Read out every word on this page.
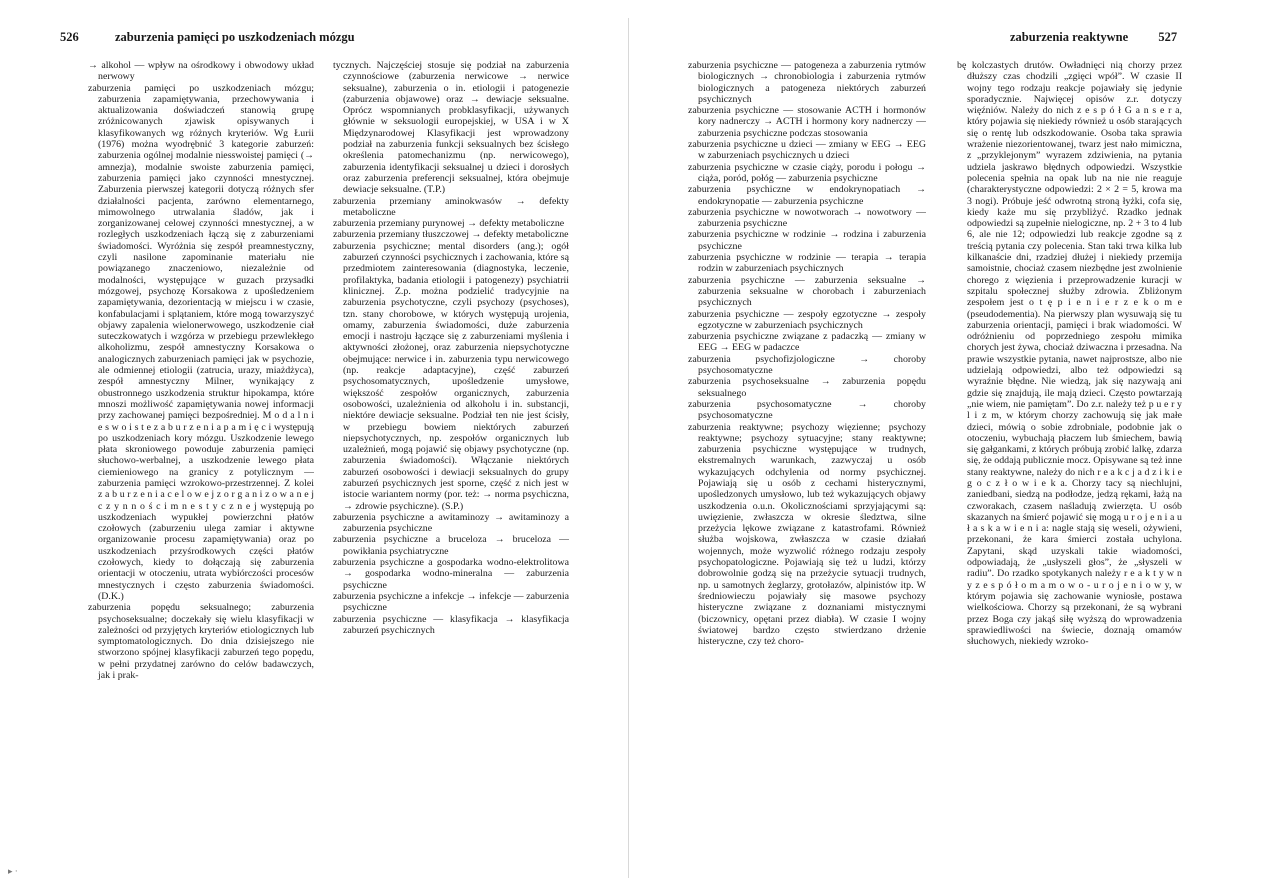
526	zaburzenia pamięci po uszkodzeniach mózgu	zaburzenia reaktywne 527

→ alkohol — wpływ na ośrodkowy i obwodowy układ nerwowy

zaburzenia pamięci po uszkodzeniach mózgu; zaburzenia zapamiętywania, przechowywania i aktualizowania doświadczeń stanowią grupę zróżnicowanych zjawisk opisywanych i klasyfikowanych wg różnych kryteriów. Wg Łurii (1976) można wyodrębnić 3 kategorie zaburzeń: zaburzenia ogólnej modalnie niesswoistej pamięci (→ amnezja), modalnie swoiste zaburzenia pamięci, zaburzenia pamięci jako czynności mnestycznej. Zaburzenia pierwszej kategorii dotyczą różnych sfer działalności pacjenta, zarówno elementarnego, mimowolnego utrwalania śladów, jak i zorganizowanej celowej czynności mnestycznej, a w rozległych uszkodzeniach łączą się z zaburzeniami świadomości. Wyróżnia się zespół preamnestyczny, czyli nasilone zapominanie materiału nie powiązanego znaczeniowo, niezależnie od modalności, występujące w guzach przysadki mózgowej, psychozę Korsakowa z upośledzeniem zapamiętywania, dezorientacją w miejscu i w czasie, konfabulacjami i splątaniem, które mogą towarzyszyć objawy zapalenia wielonerwowego, uszkodzenie ciał suteczkowatych i wzgórza w przebiegu przewlekłego alkoholizmu, zespół amnestyczny Korsakowa o analogicznych zaburzeniach pamięci jak w psychozie, ale odmiennej etiologii (zatrucia, urazy, miażdżyca), zespół amnestyczny Milner, wynikający z obustronnego uszkodzenia struktur hipokampa, które mnoszi możliwość zapamiętywania nowej informacji przy zachowanej pamięci bezpośredniej. M o d a l n i e s w o i s t e z a b u r z e n i a p a m i ę c i występują po uszkodzeniach kory mózgu. Uszkodzenie lewego płata skroniowego powoduje zaburzenia pamięci słuchowo-werbalnej, a uszkodzenie lewego płata ciemieniowego na granicy z potylicznym — zaburzenia pamięci wzrokowo-przestrzennej. Z kolei z a b u r z e n i a c e l o w e j z o r g a n i z o w a n e j c z y n n o ś c i m n e s t y c z n e j występują po uszkodzeniach wypukłej powierzchni płatów czołowych (zaburzeniu ulega zamiar i aktywne organizowanie procesu zapamiętywania) oraz po uszkodzeniach przyśrodkowych części płatów czołowych, kiedy to dołączają się zaburzenia orientacji w otoczeniu, utrata wybiórczości procesów mnestycznych i często zaburzenia świadomości. (D.K.)

zaburzenia popędu seksualnego; zaburzenia psychoseksualne; doczekały się wielu klasyfikacji w zależności od przyjętych kryteriów etiologicznych lub symptomatologicznych. Do dnia dzisiejszego nie stworzono spójnej klasyfikacji zaburzeń tego popędu, w pełni przydatnej zarówno do celów badawczych, jak i prak-

tycznych. Najczęściej stosuje się podział na zaburzenia czynnościowe (zaburzenia nerwicowe → nerwice seksualne), zaburzenia o in. etiologii i patogenezie (zaburzenia objawowe) oraz → dewiacje seksualne. Oprócz wspomnianych probklasyfikacji, używanych głównie w seksuologii europejskiej, w USA i w X Międzynarodowej Klasyfikacji jest wprowadzony podział na zaburzenia funkcji seksualnych bez ścisłego określenia patomechanizmu (np. nerwicowego), zaburzenia identyfikacji seksualnej u dzieci i dorosłych oraz zaburzenia preferencji seksualnej, która obejmuje dewiacje seksualne. (T.P.)

zaburzenia przemiany aminokwasów → defekty metaboliczne

zaburzenia przemiany purynowej → defekty metaboliczne

zaburzenia przemiany tłuszczowej → defekty metaboliczne

zaburzenia psychiczne; mental disorders (ang.); ogół zaburzeń czynności psychicznych i zachowania, które są przedmiotem zainteresowania (diagnostyka, leczenie, profilaktyka, badania etiologii i patogenezy) psychiatrii klinicznej. Z.p. można podzielić tradycyjnie na zaburzenia psychotyczne, czyli psychozy (psychoses), tzn. stany chorobowe, w których występują urojenia, omamy, zaburzenia świadomości, duże zaburzenia emocji i nastroju łączące się z zaburzeniami myślenia i aktywności złożonej, oraz zaburzenia niepsychotyczne obejmujące: nerwice i in. zaburzenia typu nerwicowego (np. reakcje adaptacyjne), część zaburzeń psychosomatycznych, upośledzenie umysłowe, większość zespołów organicznych, zaburzenia osobowości, uzależnienia od alkoholu i in. substancji, niektóre dewiacje seksualne. Podział ten nie jest ścisły, w przebiegu bowiem niektórych zaburzeń niepsychotycznych, np. zespołów organicznych lub uzależnień, mogą pojawić się objawy psychotyczne (np. zaburzenia świadomości). Włączanie niektórych zaburzeń osobowości i dewiacji seksualnych do grupy zaburzeń psychicznych jest sporne, część z nich jest w istocie wariantem normy (por. też: → norma psychiczna, → zdrowie psychiczne). (S.P.)

zaburzenia psychiczne a awitaminozy → awitaminozy a zaburzenia psychiczne

zaburzenia psychiczne a bruceloza → bruceloza — powikłania psychiatryczne

zaburzenia psychiczne a gospodarka wodno-elektrolitowa → gospodarka wodno-mineralna — zaburzenia psychiczne

zaburzenia psychiczne a infekcje → infekcje — zaburzenia psychiczne

zaburzenia psychiczne — klasyfikacja → klasyfikacja zaburzeń psychicznych

zaburzenia psychiczne — patogeneza a zaburzenia rytmów biologicznych → chronobiologia i zaburzenia rytmów biologicznych a patogeneza niektórych zaburzeń psychicznych

zaburzenia psychiczne — stosowanie ACTH i hormonów kory nadnerczy → ACTH i hormony kory nadnerczy — zaburzenia psychiczne podczas stosowania

zaburzenia psychiczne u dzieci — zmiany w EEG → EEG w zaburzeniach psychicznych u dzieci

zaburzenia psychiczne w czasie ciąży, porodu i połogu → ciąża, poród, połóg — zaburzenia psychiczne

zaburzenia psychiczne w endokrynopatiach → endokrynopatie — zaburzenia psychiczne

zaburzenia psychiczne w nowotworach → nowotwory — zaburzenia psychiczne

zaburzenia psychiczne w rodzinie → rodzina i zaburzenia psychiczne

zaburzenia psychiczne w rodzinie — terapia → terapia rodzin w zaburzeniach psychicznych

zaburzenia psychiczne — zaburzenia seksualne → zaburzenia seksualne w chorobach i zaburzeniach psychicznych

zaburzenia psychiczne — zespoły egzotyczne → zespoły egzotyczne w zaburzeniach psychicznych

zaburzenia psychiczne związane z padaczką — zmiany w EEG → EEG w padaczce

zaburzenia psychofizjologiczne → choroby psychosomatyczne

zaburzenia psychoseksualne → zaburzenia popędu seksualnego

zaburzenia psychosomatyczne → choroby psychosomatyczne

zaburzenia reaktywne; psychozy więzienne; psychozy reaktywne; psychozy sytuacyjne; stany reaktywne; zaburzenia psychiczne występujące w trudnych, ekstremalnych warunkach, zazwyczaj u osób wykazujących odchylenia od normy psychicznej. Pojawiają się u osób z cechami histerycznymi, upośledzonych umysłowo, lub też wykazujących objawy uszkodzenia o.u.n. Okolicznościami sprzyjającymi są: uwięzienie, zwłaszcza w okresie śledztwa, silne przeżycia lękowe związane z katastrofami. Również służba wojskowa, zwłaszcza w czasie działań wojennych, może wyzwolić różnego rodzaju zespoły psychopatologiczne. Pojawiają się też u ludzi, którzy dobrowolnie godzą się na przeżycie sytuacji trudnych, np. u samotnych żeglarzy, grotołazów, alpinistów itp. W średniowieczu pojawiały się masowe psychozy histeryczne związane z doznaniami mistycznymi (biczownicy, opętani przez diabła). W czasie I wojny światowej bardzo często stwierdzano drżenie histeryczne, czy też choro-

bę kolczastych drutów. Owładnięci nią chorzy przez dłuższy czas chodzili „zgięci wpół”. W czasie II wojny tego rodzaju reakcje pojawiały się jedynie sporadycznie. Najwięcej opisów z.r. dotyczy więźniów. Należy do nich z e s p ó ł G a n s e r a, który pojawia się niekiedy również u osób starających się o rentę lub odszkodowanie. Osoba taka sprawia wrażenie niezorientowanej, twarz jest nało mimiczna, z „przyklejonym” wyrazem zdziwienia, na pytania udziela jaskrawo błędnych odpowiedzi. Wszystkie polecenia spełnia na opak lub na nie nie reaguje (charakterystyczne odpowiedzi: 2 × 2 = 5, krowa ma 3 nogi). Próbuje jeść odwrotną stroną łyżki, cofa się, kiedy każe mu się przybliżyć. Rzadko jednak odpowiedzi są zupełnie nielogiczne, np. 2 + 3 to 4 lub 6, ale nie 12; odpowiedzi lub reakcje zgodne są z treścią pytania czy polecenia. Stan taki trwa kilka lub kilkanaście dni, rzadziej dłużej i niekiedy przemija samoistnie, chociaż czasem niezbędne jest zwolnienie chorego z więzienia i przeprowadzenie kuracji w szpitalu społecznej służby zdrowia. Zbliżonym zespołem jest o t ę p i e n i e r z e k o m e (pseudodementia). Na pierwszy plan wysuwają się tu zaburzenia orientacji, pamięci i brak wiadomości. W odróżnieniu od poprzedniego zespołu mimika chorych jest żywa, chociaż dziwaczna i przesadna. Na prawie wszystkie pytania, nawet najprostsze, albo nie udzielają odpowiedzi, albo też odpowiedzi są wyraźnie błędne. Nie wiedzą, jak się nazywają ani gdzie się znajdują, ile mają dzieci. Często powtarzają „nie wiem, nie pamiętam”. Do z.r. należy też p u e r y l i z m, w którym chorzy zachowują się jak małe dzieci, mówią o sobie zdrobniale, podobnie jak o otoczeniu, wybuchają płaczem lub śmiechem, bawią się gałgankami, z których próbują zrobić lalkę, zdarza się, że oddają publicznie mocz. Opisywane są też inne stany reaktywne, należy do nich r e a k c j a d z i k i e g o c z ł o w i e k a. Chorzy tacy są niechlujni, zaniedbani, siedzą na podłodze, jedzą rękami, łażą na czworakach, czasem naśladują zwierzęta. U osób skazanych na śmierć pojawić się mogą u r o j e n i a u ł a s k a w i e n i a: nagle stają się weseli, ożywieni, przekonani, że kara śmierci została uchylona. Zapytani, skąd uzyskali takie wiadomości, odpowiadają, że „usłyszeli głos”, że „słyszeli w radiu”. Do rzadko spotykanych należy r e a k t y w n y z e s p ó ł o m a m o w o - u r o j e n i o w y, w którym pojawia się zachowanie wyniosłe, postawa wielkościowa. Chorzy są przekonani, że są wybrani przez Boga czy jakąś siłę wyższą do wprowadzenia sprawiedliwości na świecie, doznają omamów słuchowych, niekiedy wzroko-

▸ ·
